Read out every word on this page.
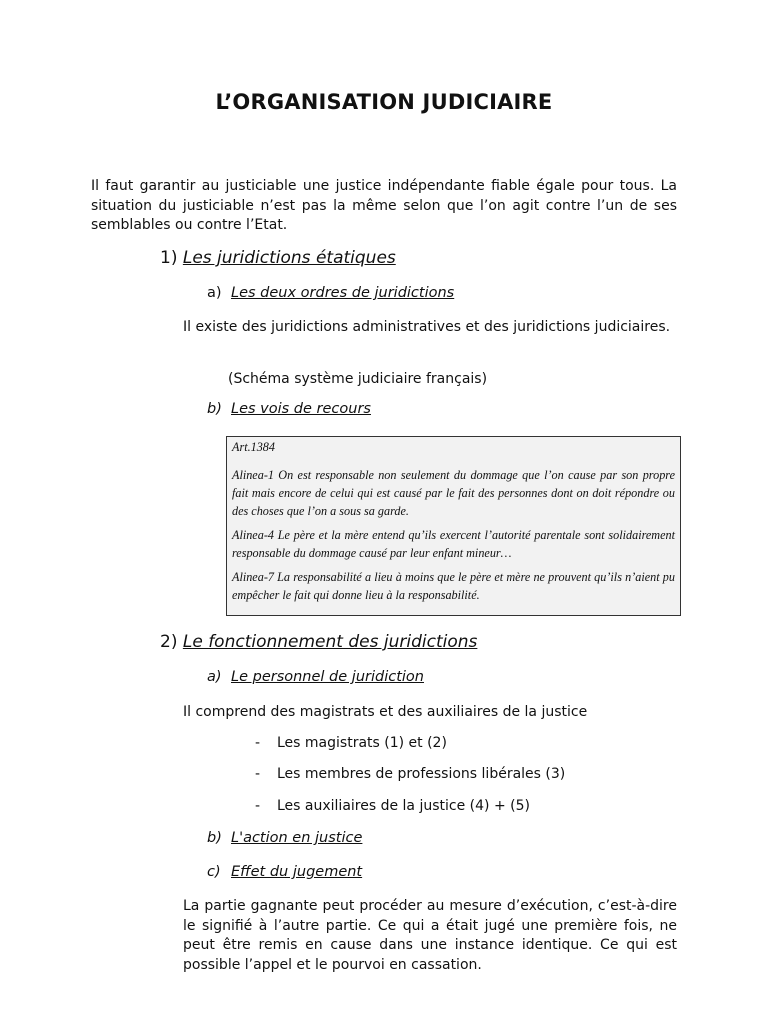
L’ORGANISATION JUDICIAIRE
Il faut garantir au justiciable une justice indépendante fiable égale pour tous. La situation du justiciable n’est pas la même selon que l’on agit contre l’un de ses semblables ou contre l’Etat.
1) Les juridictions étatiques
a) Les deux ordres de juridictions
Il existe des juridictions administratives et des juridictions judiciaires.
(Schéma système judiciaire français)
b) Les vois de recours

Art.1384

Alinea-1 On est responsable non seulement du dommage que l’on cause par son propre fait mais encore de celui qui est causé par le fait des personnes dont on doit répondre ou des choses que l’on a sous sa garde.

Alinea-4 Le père et la mère entend qu’ils exercent l’autorité parentale sont solidairement responsable du dommage causé par leur enfant mineur…

Alinea-7 La responsabilité a lieu à moins que le père et mère ne prouvent qu’ils n’aient pu empêcher le fait qui donne lieu à la responsabilité.

2) Le fonctionnement des juridictions
a) Le personnel de juridiction
Il comprend des magistrats et des auxiliaires de la justice
- Les magistrats (1) et (2)
- Les membres de professions libérales (3)
- Les auxiliaires de la justice (4) + (5)
b) L'action en justice
c) Effet du jugement
La partie gagnante peut procéder au mesure d’exécution, c’est-à-dire le signifié à l’autre partie. Ce qui a était jugé une première fois, ne peut être remis en cause dans une instance identique. Ce qui est possible l’appel et le pourvoi en cassation.
